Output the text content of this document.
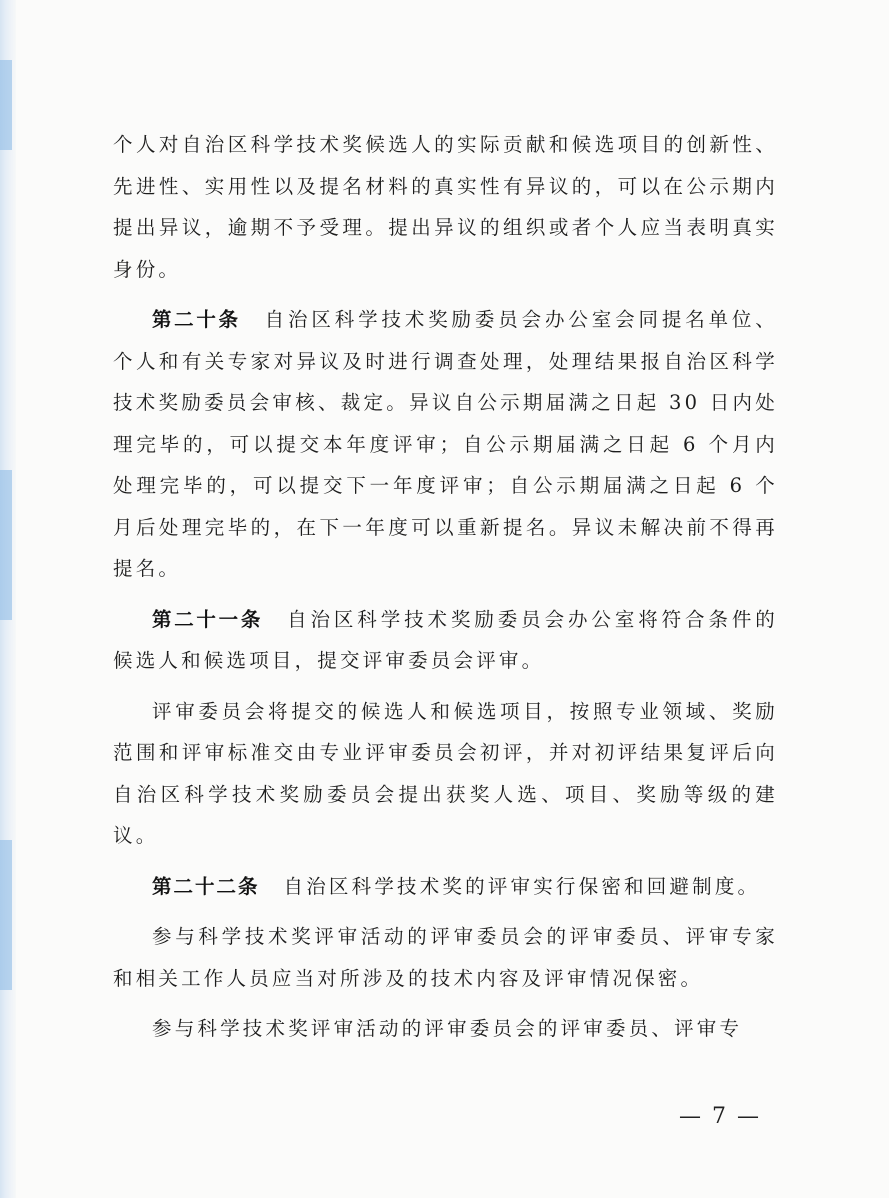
个人对自治区科学技术奖候选人的实际贡献和候选项目的创新性、先进性、实用性以及提名材料的真实性有异议的，可以在公示期内提出异议，逾期不予受理。提出异议的组织或者个人应当表明真实身份。

第二十条 自治区科学技术奖励委员会办公室会同提名单位、个人和有关专家对异议及时进行调查处理，处理结果报自治区科学技术奖励委员会审核、裁定。异议自公示期届满之日起 30 日内处理完毕的，可以提交本年度评审；自公示期届满之日起 6 个月内处理完毕的，可以提交下一年度评审；自公示期届满之日起 6 个月后处理完毕的，在下一年度可以重新提名。异议未解决前不得再提名。

第二十一条 自治区科学技术奖励委员会办公室将符合条件的候选人和候选项目，提交评审委员会评审。

评审委员会将提交的候选人和候选项目，按照专业领域、奖励范围和评审标准交由专业评审委员会初评，并对初评结果复评后向自治区科学技术奖励委员会提出获奖人选、项目、奖励等级的建议。

第二十二条 自治区科学技术奖的评审实行保密和回避制度。

参与科学技术奖评审活动的评审委员会的评审委员、评审专家和相关工作人员应当对所涉及的技术内容及评审情况保密。

参与科学技术奖评审活动的评审委员会的评审委员、评审专

— 7 —
